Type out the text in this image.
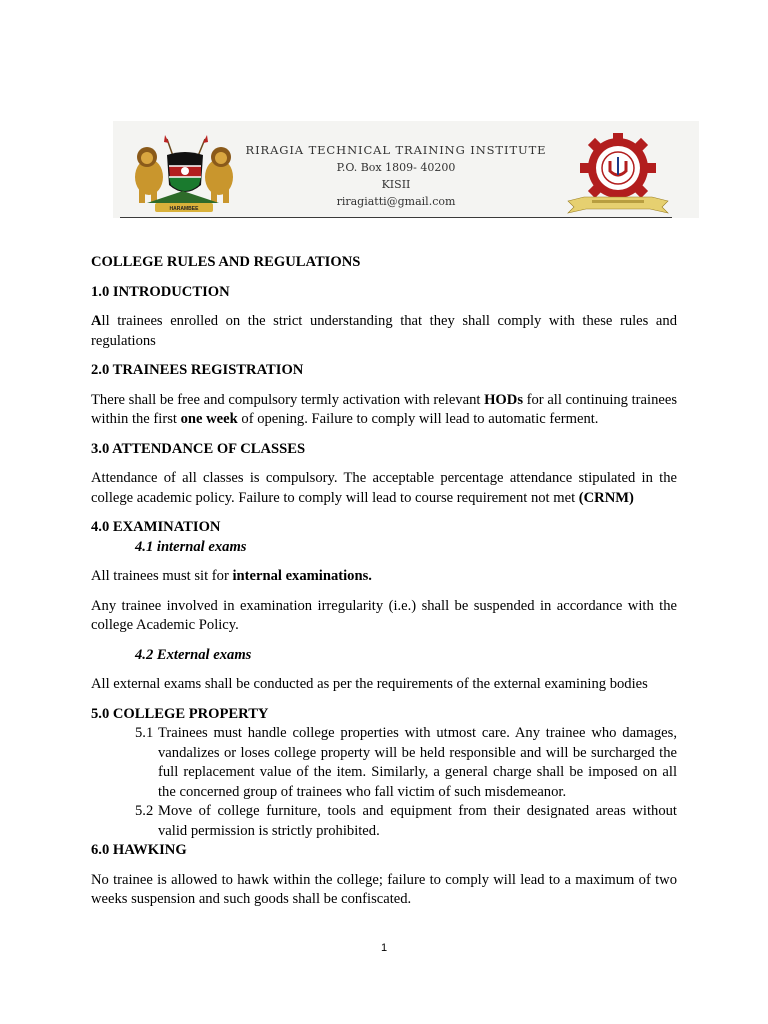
HARAMBEE
RIRAGIA TECHNICAL TRAINING INSTITUTE
P.O. Box 1809- 40200
KISII
riragiatti@gmail.com

COLLEGE RULES AND REGULATIONS

1.0 INTRODUCTION

All trainees enrolled on the strict understanding that they shall comply with these rules and regulations

2.0 TRAINEES REGISTRATION

There shall be free and compulsory termly activation with relevant HODs for all continuing trainees within the first one week of opening. Failure to comply will lead to automatic ferment.

3.0 ATTENDANCE OF CLASSES

Attendance of all classes is compulsory. The acceptable percentage attendance stipulated in the college academic policy. Failure to comply will lead to course requirement not met (CRNM)

4.0 EXAMINATION

4.1 internal exams

All trainees must sit for internal examinations.

Any trainee involved in examination irregularity (i.e.) shall be suspended in accordance with the college Academic Policy.

4.2 External exams

All external exams shall be conducted as per the requirements of the external examining bodies

5.0 COLLEGE PROPERTY

5.1 Trainees must handle college properties with utmost care. Any trainee who damages, vandalizes or loses college property will be held responsible and will be surcharged the full replacement value of the item. Similarly, a general charge shall be imposed on all the concerned group of trainees who fall victim of such misdemeanor.

5.2 Move of college furniture, tools and equipment from their designated areas without valid permission is strictly prohibited.

6.0 HAWKING

No trainee is allowed to hawk within the college; failure to comply will lead to a maximum of two weeks suspension and such goods shall be confiscated.

1
